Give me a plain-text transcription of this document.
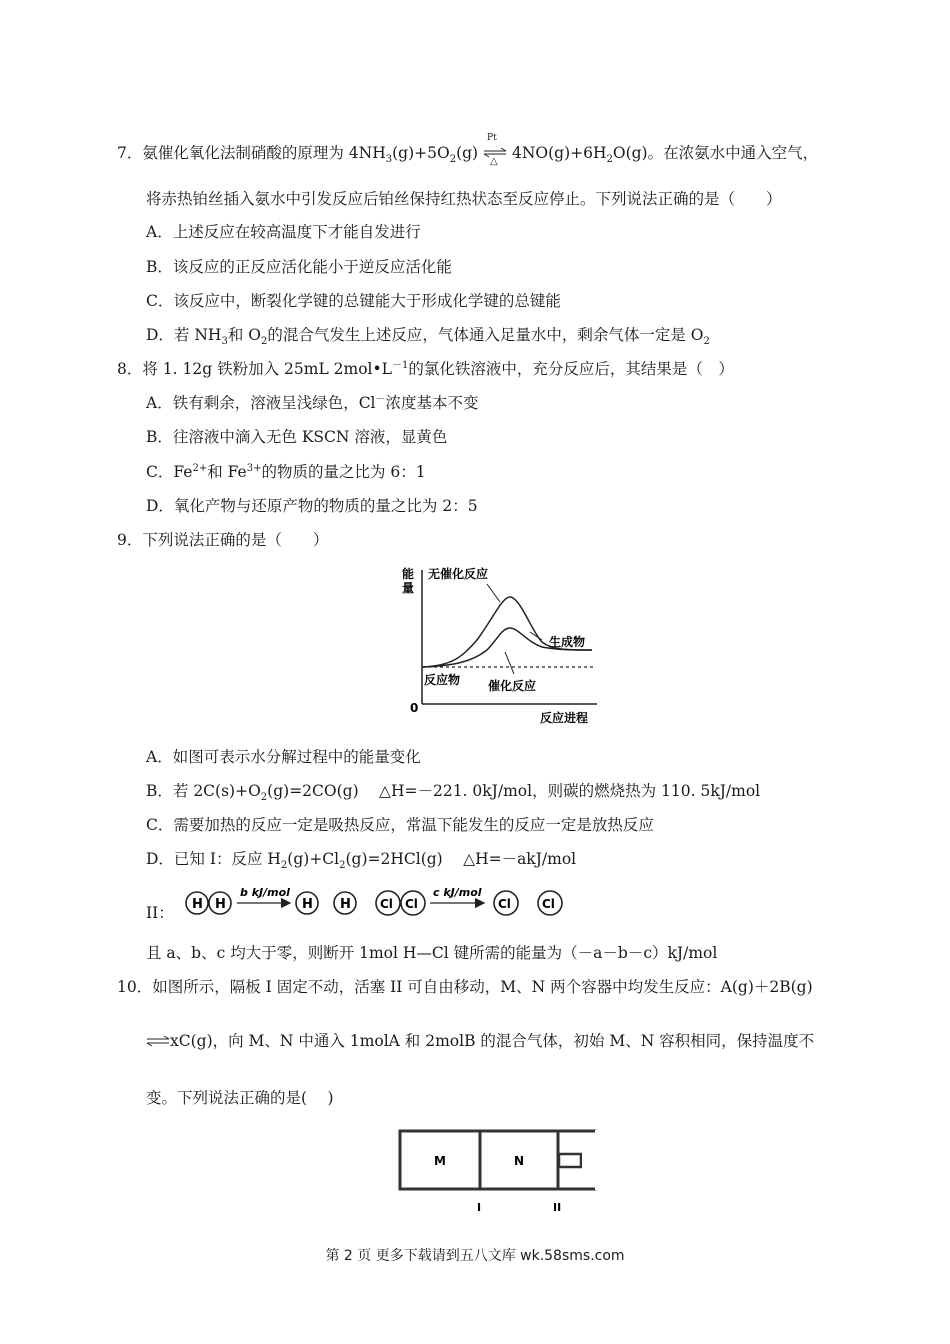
7．氨催化氧化法制硝酸的原理为 $4NH_3(g)+5O_2(g)$
Pt
△ $4NO(g)+6H_2O(g)$。在浓氨水中通入空气，
将赤热铂丝插入氨水中引发反应后铂丝保持红热状态至反应停止。下列说法正确的是（　　）
A．上述反应在较高温度下才能自发进行
B．该反应的正反应活化能小于逆反应活化能
C．该反应中，断裂化学键的总键能大于形成化学键的总键能
D．若 $NH_3$和 $O_2$的混合气发生上述反应，气体通入足量水中，剩余气体一定是 $O_2$
8．将 1. 12g 铁粉加入 25mL $2mol•L^{-1}$的氯化铁溶液中，充分反应后，其结果是（　）
A．铁有剩余，溶液呈浅绿色，Cl－浓度基本不变
B．往溶液中滴入无色 KSCN 溶液，显黄色
C．$Fe^{2+}$和 $Fe^{3+}$的物质的量之比为 6：1
D．氧化产物与还原产物的物质的量之比为 2：5
9．下列说法正确的是（　　）
能
量
无催化反应
生成物
反应物 催化反应
0
反应进程
A．如图可表示水分解过程中的能量变化
B．若 $2C(s)+O_2(g)=2CO(g)$　 △H=－221. 0kJ/mol，则碳的燃烧热为 110. 5kJ/mol
C．需要加热的反应一定是吸热反应，常温下能发生的反应一定是放热反应
D．已知 I：反应 $H_2(g)+Cl_2(g)=2HCl(g)$　 △H=－akJ/mol
II： H H
b kJ/mol
H H Cl Cl
c kJ/mol
Cl	Cl
且 a、b、c 均大于零，则断开 1mol H—Cl 键所需的能量为（－a－b－c）kJ/mol
10．如图所示，隔板 I 固定不动，活塞 II 可自由移动，M、N 两个容器中均发生反应：A(g)＋2B(g)
⇌xC(g)，向 M、N 中通入 1molA 和 2molB 的混合气体，初始 M、N 容积相同，保持温度不
变。下列说法正确的是(　 )
M	N
I	II
第 2 页 更多下载请到五八文库 wk.58sms.com
